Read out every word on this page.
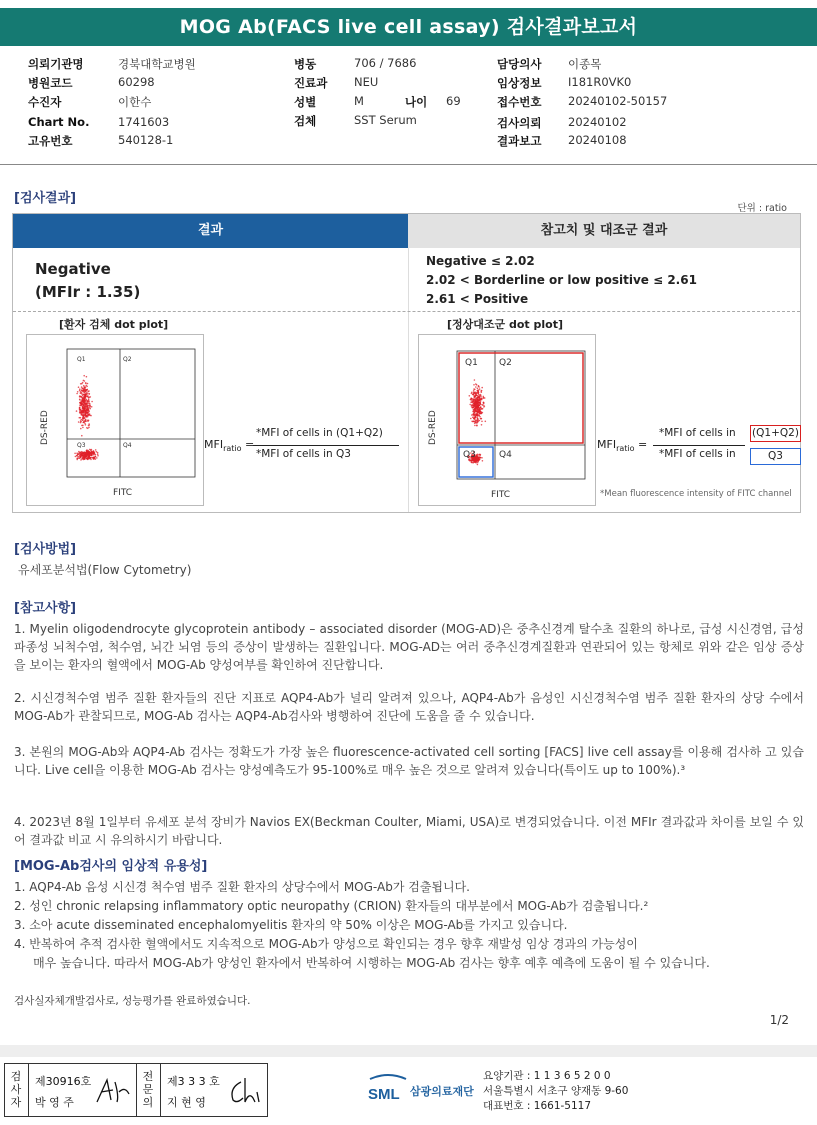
MOG Ab(FACS live cell assay) 검사결과보고서
의뢰기관명	경북대학교병원
병원코드	60298
수진자	이한수
Chart No. 1741603
고유번호	540128-1
병동	706 / 7686
진료과 NEU
성별	M	나이 69
검체	SST Serum
담당의사 이종목
임상정보 I181R0VK0
접수번호 20240102-50157
검사의뢰 20240102
결과보고 20240108
[검사결과]
단위 : ratio
결과	참고치 및 대조군 결과
Negative
(MFIr : 1.35)
Negative ≤ 2.02
2.02 < Borderline or low positive ≤ 2.61
2.61 < Positive
[환자 검체 dot plot]
Q1	Q2
Q3	Q4
DS-RED
FITC
$MFI_{ratio}$ =
*MFI of cells in (Q1+Q2)
*MFI of cells in Q3
[정상대조군 dot plot]
Q1 Q2
Q3	Q4
DS-RED
FITC
$MFI_{ratio}$ =
*MFI of cells in (Q1+Q2)
*MFI of cells in	Q3
*Mean fluorescence intensity of FITC channel
[검사방법]
유세포분석법(Flow Cytometry)
[참고사항]
1. Myelin oligodendrocyte glycoprotein antibody – associated disorder (MOG-AD)은 중추신경계 탈수초 질환의 하나로, 급성 시신경염, 급성파종성 뇌척수염, 척수염, 뇌간 뇌염 등의 증상이 발생하는 질환입니다. MOG-AD는 여러 중추신경계질환과 연관되어 있는 항체로 위와 같은 임상 증상을 보이는 환자의 혈액에서 MOG-Ab 양성여부를 확인하여 진단합니다.
2. 시신경척수염 범주 질환 환자들의 진단 지표로 AQP4-Ab가 널리 알려져 있으나, AQP4-Ab가 음성인 시신경척수염 범주 질환 환자의 상당 수에서 MOG-Ab가 관찰되므로, MOG-Ab 검사는 AQP4-Ab검사와 병행하여 진단에 도움을 줄 수 있습니다.
3. 본원의 MOG-Ab와 AQP4-Ab 검사는 정확도가 가장 높은 fluorescence-activated cell sorting [FACS] live cell assay를 이용해 검사하 고 있습니다. Live cell을 이용한 MOG-Ab 검사는 양성예측도가 95-100%로 매우 높은 것으로 알려져 있습니다(특이도 up to 100%).³
4. 2023년 8월 1일부터 유세포 분석 장비가 Navios EX(Beckman Coulter, Miami, USA)로 변경되었습니다. 이전 MFIr 결과값과 차이를 보일 수 있어 결과값 비교 시 유의하시기 바랍니다.
[MOG-Ab검사의 임상적 유용성]
1. AQP4-Ab 음성 시신경 척수염 범주 질환 환자의 상당수에서 MOG-Ab가 검출됩니다.
2. 성인 chronic relapsing inflammatory optic neuropathy (CRION) 환자들의 대부분에서 MOG-Ab가 검출됩니다.²
3. 소아 acute disseminated encephalomyelitis 환자의 약 50% 이상은 MOG-Ab를 가지고 있습니다.
4. 반복하여 추적 검사한 혈액에서도 지속적으로 MOG-Ab가 양성으로 확인되는 경우 향후 재발성 임상 경과의 가능성이
매우 높습니다. 따라서 MOG-Ab가 양성인 환자에서 반복하여 시행하는 MOG-Ab 검사는 향후 예후 예측에 도움이 될 수 있습니다.
검사실자체개발검사로, 성능평가를 완료하였습니다.
1/2
검
사
자
제30916호
박 영 주
전
문
의
제3 3 3 호
지 현 영	SML 삼광의료재단
요양기관 : 1 1 3 6 5 2 0 0
서울특별시 서초구 양재동 9-60
대표번호 : 1661-5117
